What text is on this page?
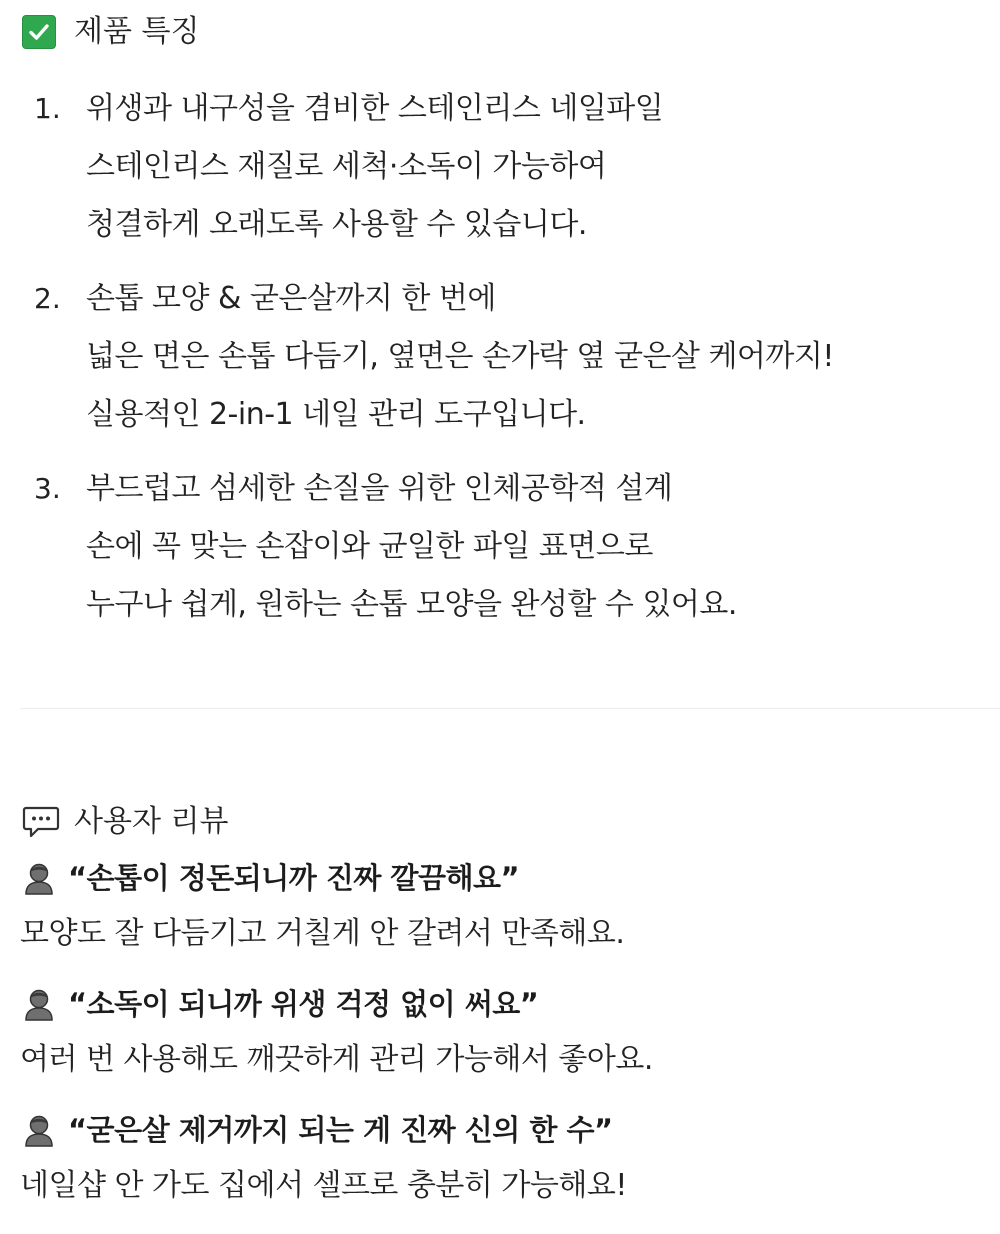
제품 특징
1. 위생과 내구성을 겸비한 스테인리스 네일파일
스테인리스 재질로 세척·소독이 가능하여
청결하게 오래도록 사용할 수 있습니다.
2. 손톱 모양 & 굳은살까지 한 번에
넓은 면은 손톱 다듬기, 옆면은 손가락 옆 굳은살 케어까지!
실용적인 2-in-1 네일 관리 도구입니다.
3. 부드럽고 섬세한 손질을 위한 인체공학적 설계
손에 꼭 맞는 손잡이와 균일한 파일 표면으로
누구나 쉽게, 원하는 손톱 모양을 완성할 수 있어요.
사용자 리뷰
“손톱이 정돈되니까 진짜 깔끔해요”
모양도 잘 다듬기고 거칠게 안 갈려서 만족해요.
“소독이 되니까 위생 걱정 없이 써요”
여러 번 사용해도 깨끗하게 관리 가능해서 좋아요.
“굳은살 제거까지 되는 게 진짜 신의 한 수”
네일샵 안 가도 집에서 셀프로 충분히 가능해요!
